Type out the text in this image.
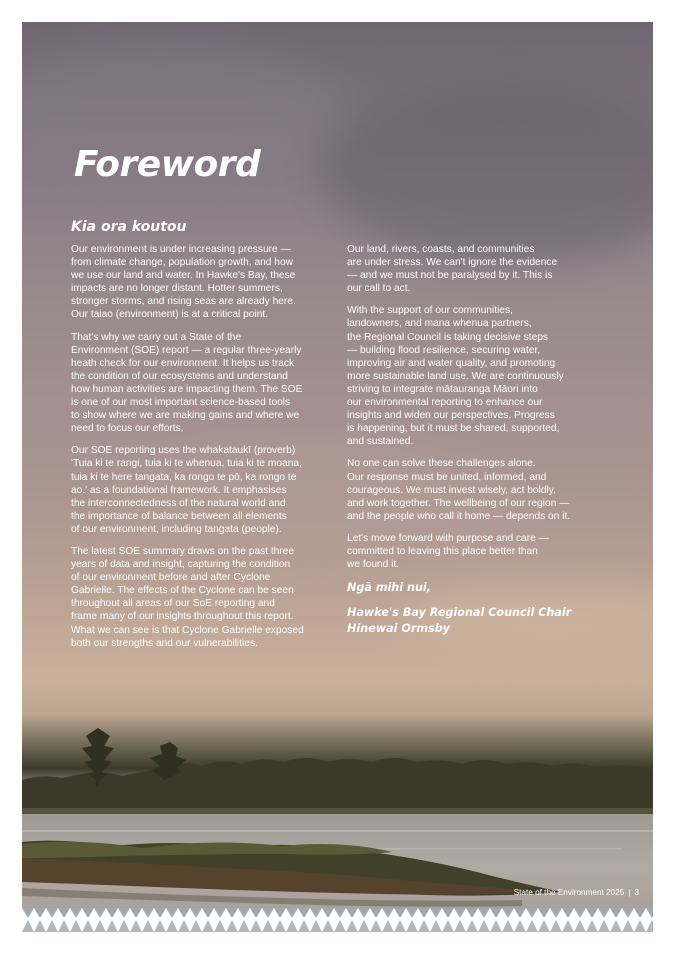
Foreword
Kia ora koutou

Our environment is under increasing pressure —
from climate change, population growth, and how
we use our land and water. In Hawke's Bay, these
impacts are no longer distant. Hotter summers,
stronger storms, and rising seas are already here.
Our taiao (environment) is at a critical point.

That's why we carry out a State of the
Environment (SOE) report — a regular three-yearly
heath check for our environment. It helps us track
the condition of our ecosystems and understand
how human activities are impacting them. The SOE
is one of our most important science-based tools
to show where we are making gains and where we
need to focus our efforts.

Our SOE reporting uses the whakataukī (proverb)
'Tuia ki te rangi, tuia ki te whenua, tuia ki te moana,
tuia ki te here tangata, ka rongo te pō, ka rongo te
ao.' as a foundational framework. It emphasises
the interconnectedness of the natural world and
the importance of balance between all elements
of our environment, including tangata (people).

The latest SOE summary draws on the past three
years of data and insight, capturing the condition
of our environment before and after Cyclone
Gabrielle. The effects of the Cyclone can be seen
throughout all areas of our SoE reporting and
frame many of our insights throughout this report.
What we can see is that Cyclone Gabrielle exposed
both our strengths and our vulnerabilities.

Our land, rivers, coasts, and communities
are under stress. We can't ignore the evidence
— and we must not be paralysed by it. This is
our call to act.

With the support of our communities,
landowners, and mana whenua partners,
the Regional Council is taking decisive steps
— building flood resilience, securing water,
improving air and water quality, and promoting
more sustainable land use. We are continuously
striving to integrate mātauranga Māori into
our environmental reporting to enhance our
insights and widen our perspectives. Progress
is happening, but it must be shared, supported,
and sustained.

No one can solve these challenges alone.
Our response must be united, informed, and
courageous. We must invest wisely, act boldly,
and work together. The wellbeing of our region —
and the people who call it home — depends on it.

Let's move forward with purpose and care —
committed to leaving this place better than
we found it.

Ngā mihi nui,

Hawke's Bay Regional Council Chair
Hinewai Ormsby

State of the Environment 2025 | 3
